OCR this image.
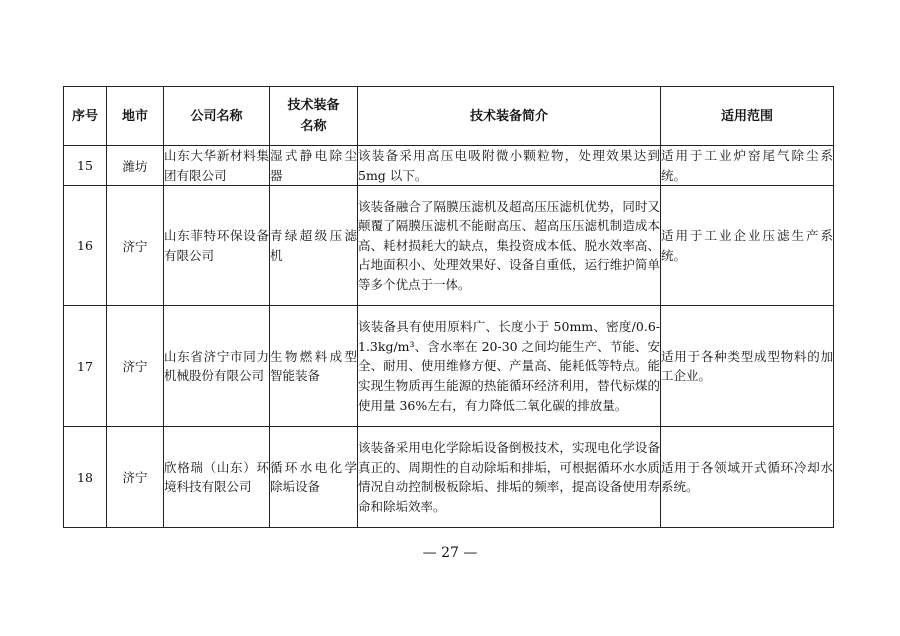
序号	地市	公司名称	技术装备名称	技术装备简介	适用范围
15	潍坊	山东大华新材料集团有限公司	湿式静电除尘器	该装备采用高压电吸附微小颗粒物，处理效果达到 5mg 以下。	适用于工业炉窑尾气除尘系统。
16	济宁	山东菲特环保设备有限公司	青绿超级压滤机	该装备融合了隔膜压滤机及超高压压滤机优势，同时又颠覆了隔膜压滤机不能耐高压、超高压压滤机制造成本高、耗材损耗大的缺点，集投资成本低、脱水效率高、占地面积小、处理效果好、设备自重低，运行维护简单等多个优点于一体。	适用于工业企业压滤生产系统。
17	济宁	山东省济宁市同力机械股份有限公司	生物燃料成型智能装备	该装备具有使用原料广、长度小于 50mm、密度/0.6-1.3kg/m³、含水率在 20-30 之间均能生产、节能、安全、耐用、使用维修方便、产量高、能耗低等特点。能实现生物质再生能源的热能循环经济利用，替代标煤的使用量 36%左右，有力降低二氧化碳的排放量。	适用于各种类型成型物料的加工企业。
18	济宁	欣格瑞（山东）环境科技有限公司	循环水电化学除垢设备	该装备采用电化学除垢设备倒极技术，实现电化学设备真正的、周期性的自动除垢和排垢，可根据循环水水质情况自动控制极板除垢、排垢的频率，提高设备使用寿命和除垢效率。	适用于各领域开式循环冷却水系统。
— 27 —
